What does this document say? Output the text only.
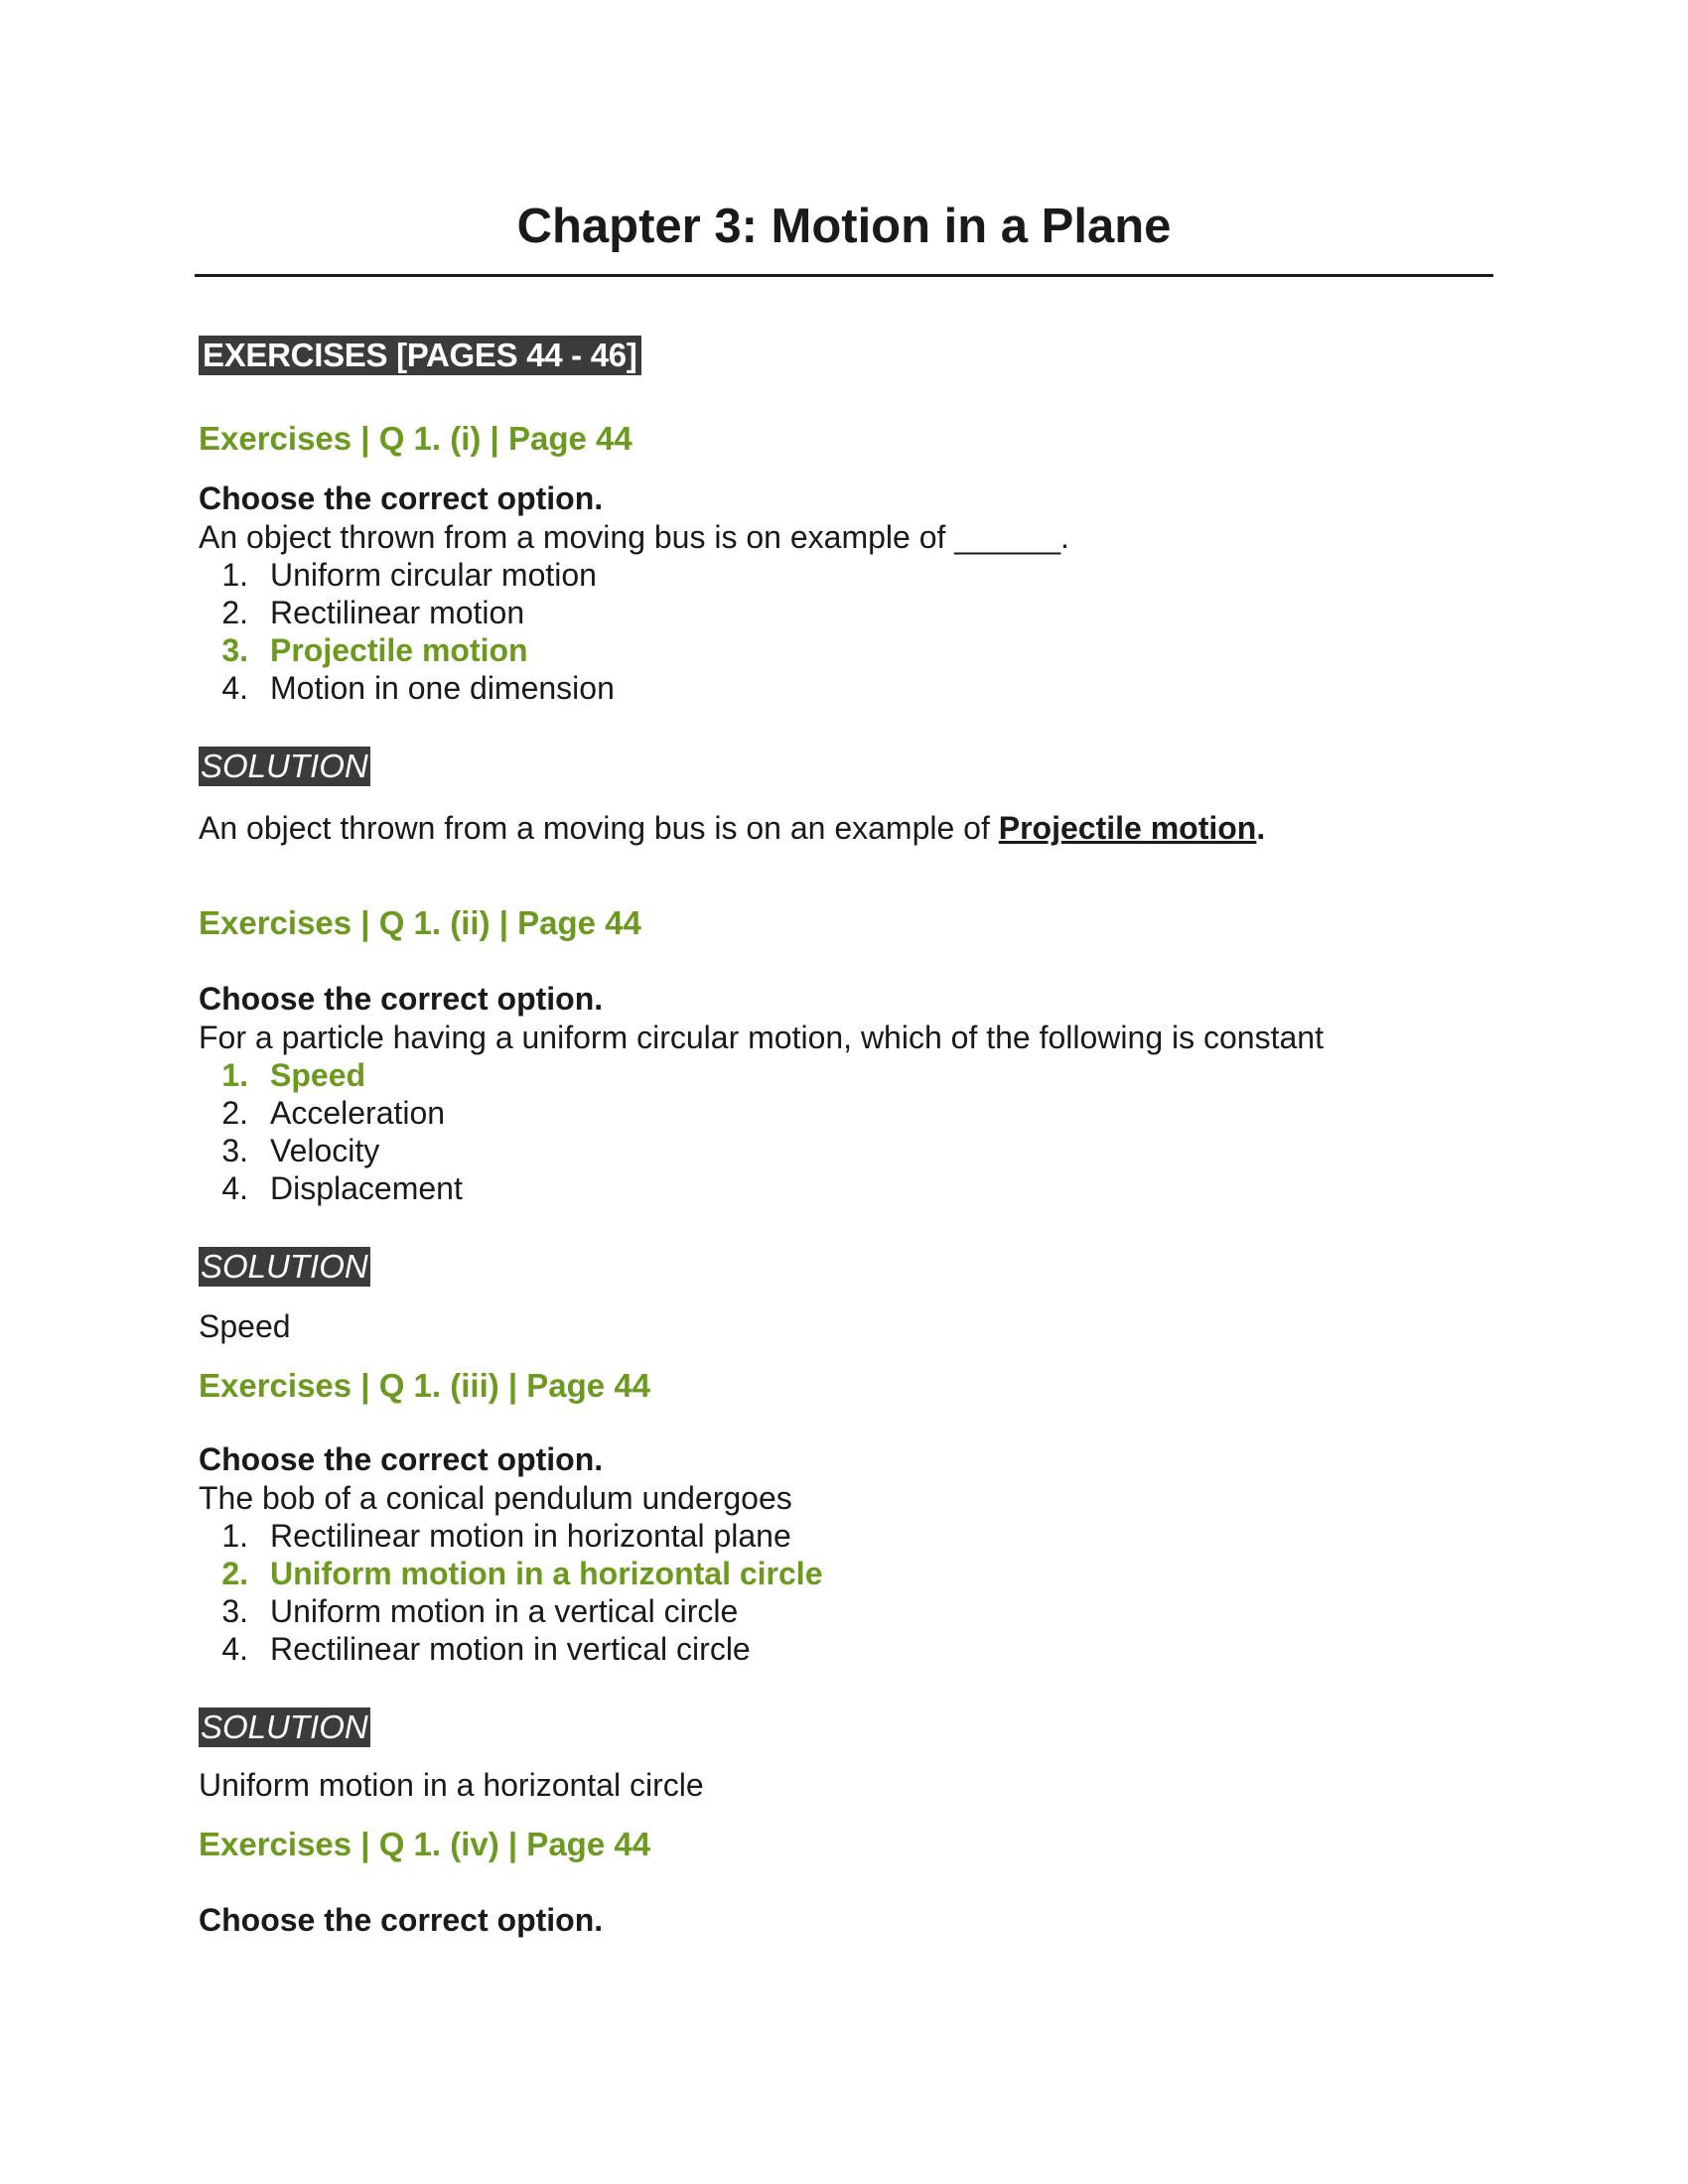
Chapter 3: Motion in a Plane
EXERCISES [PAGES 44 - 46]
Exercises | Q 1. (i) | Page 44
Choose the correct option.
An object thrown from a moving bus is on example of ______.
1. Uniform circular motion
2. Rectilinear motion
3. Projectile motion
4. Motion in one dimension
SOLUTION
An object thrown from a moving bus is on an example of Projectile motion.
Exercises | Q 1. (ii) | Page 44
Choose the correct option.
For a particle having a uniform circular motion, which of the following is constant
1. Speed
2. Acceleration
3. Velocity
4. Displacement
SOLUTION
Speed
Exercises | Q 1. (iii) | Page 44
Choose the correct option.
The bob of a conical pendulum undergoes
1. Rectilinear motion in horizontal plane
2. Uniform motion in a horizontal circle
3. Uniform motion in a vertical circle
4. Rectilinear motion in vertical circle
SOLUTION
Uniform motion in a horizontal circle
Exercises | Q 1. (iv) | Page 44
Choose the correct option.
